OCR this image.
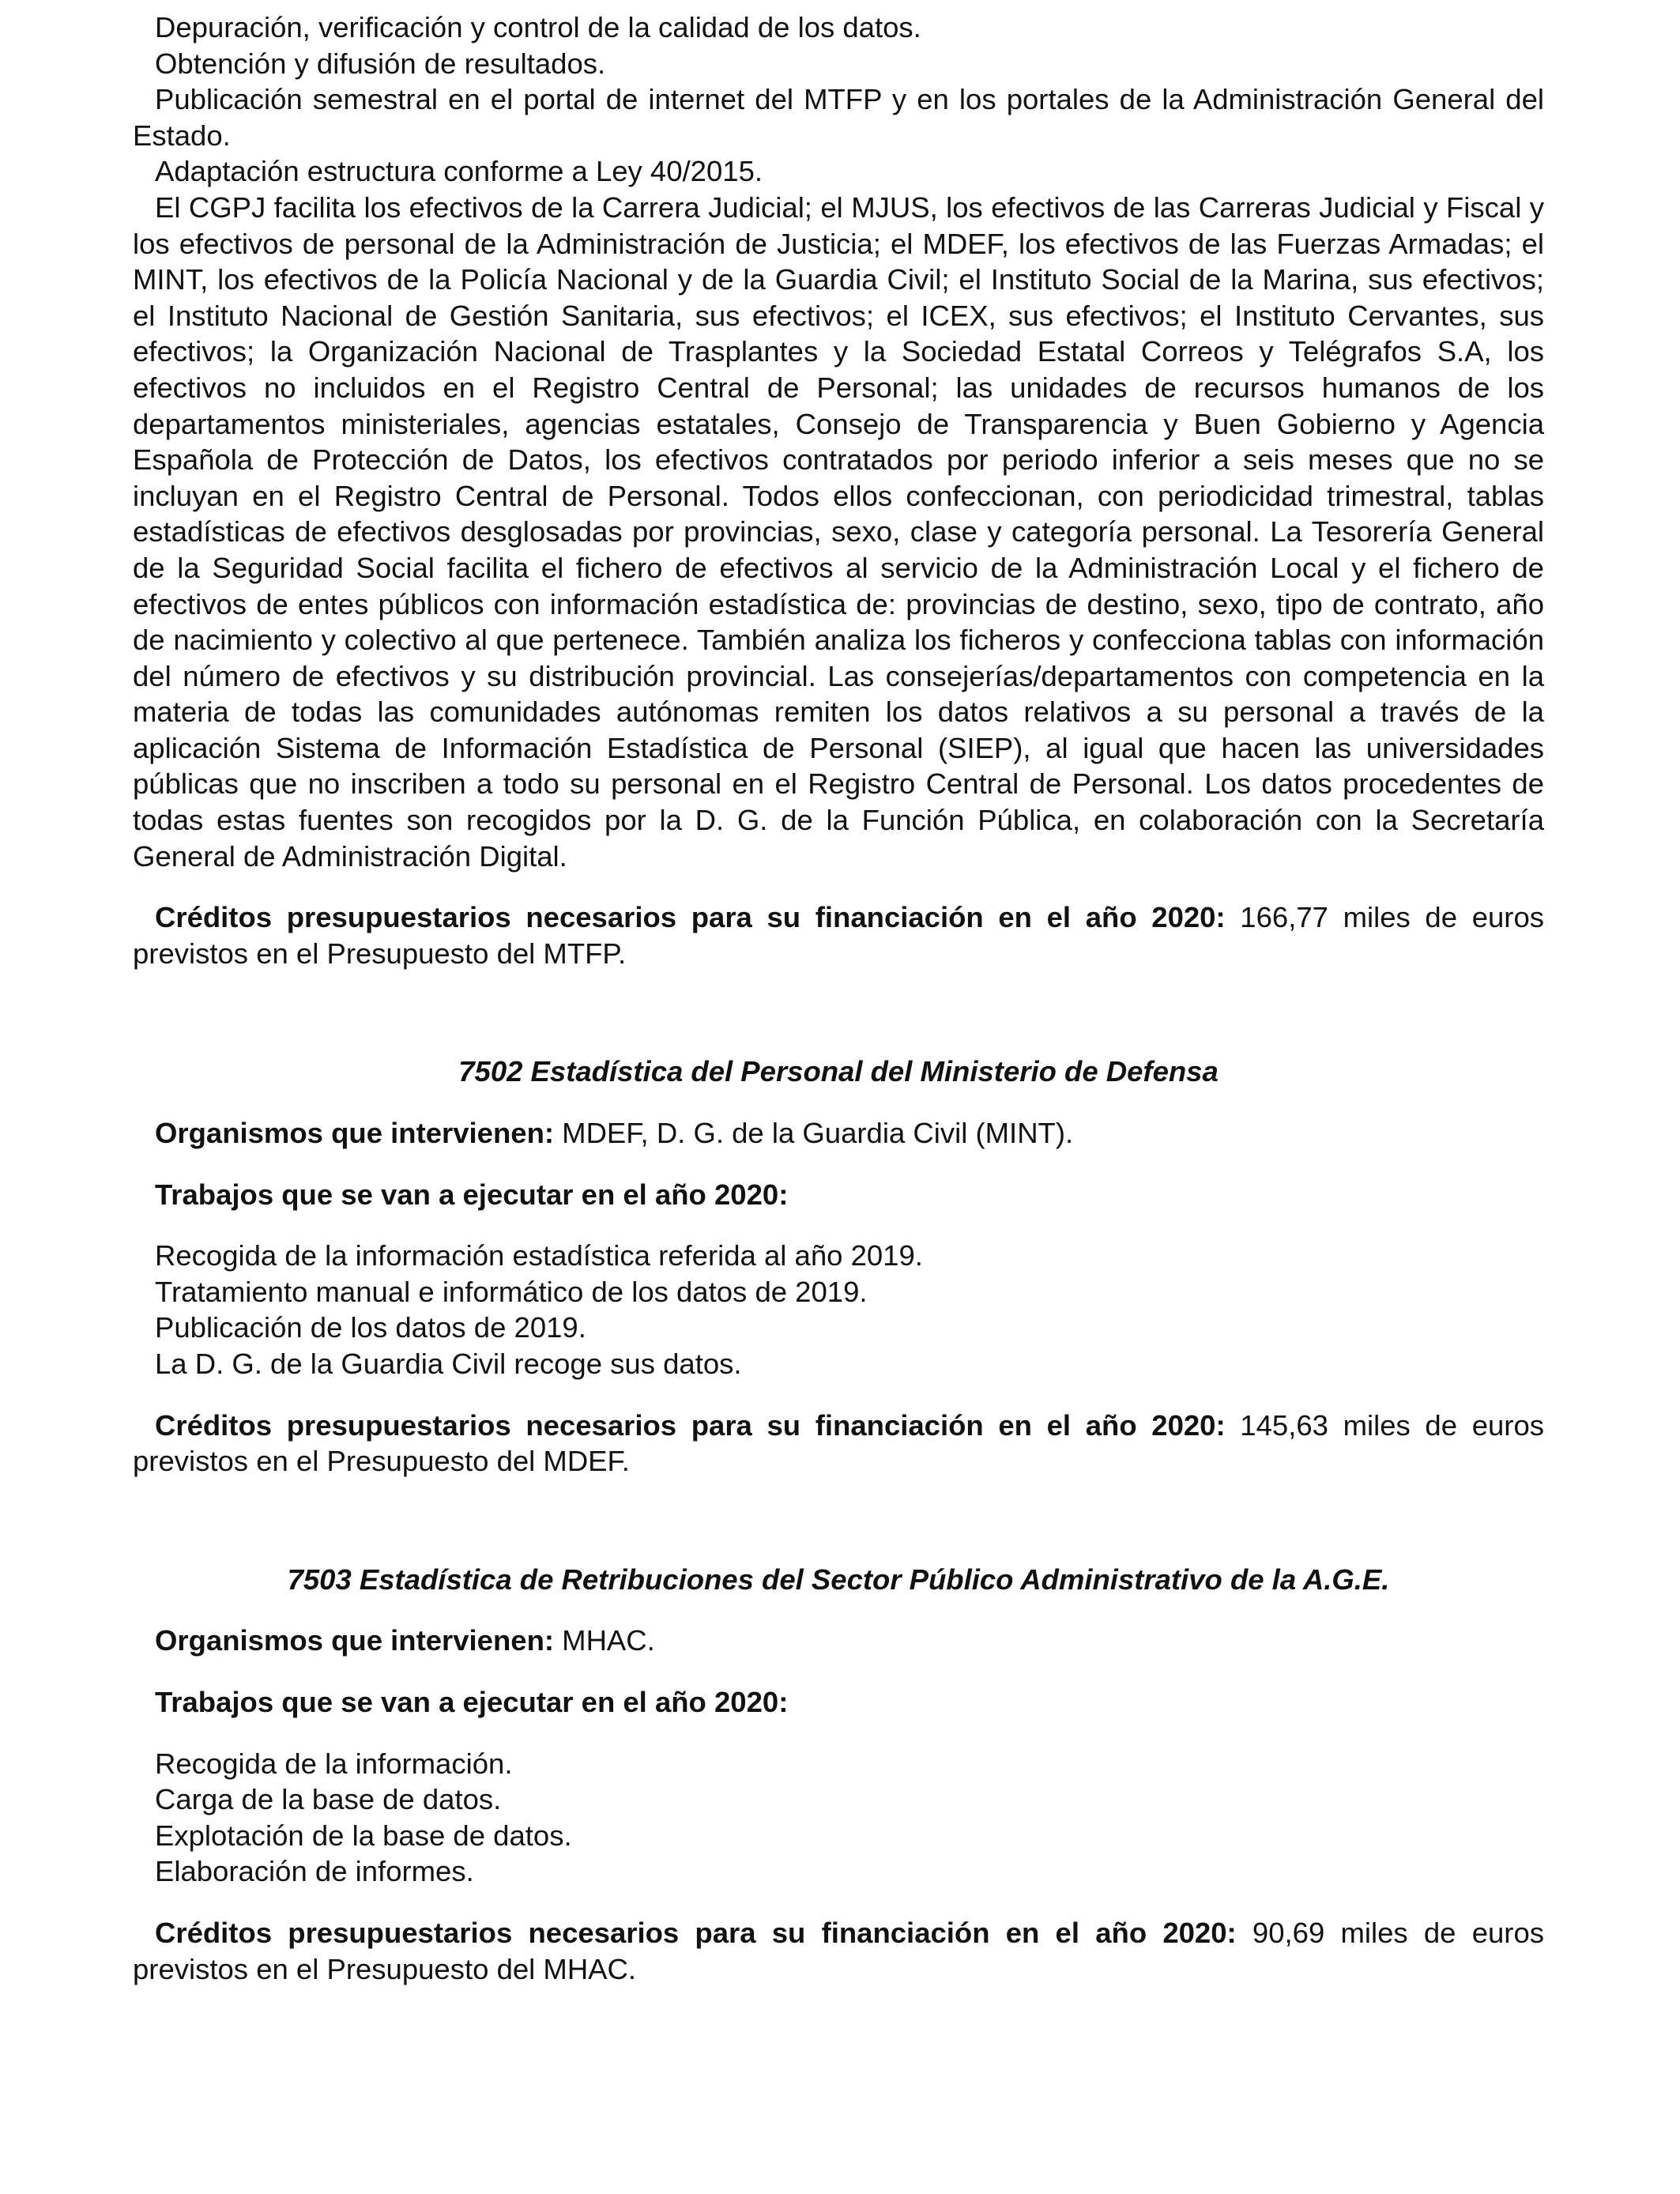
Depuración, verificación y control de la calidad de los datos.

Obtención y difusión de resultados.

Publicación semestral en el portal de internet del MTFP y en los portales de la Administración General del Estado.

Adaptación estructura conforme a Ley 40/2015.

El CGPJ facilita los efectivos de la Carrera Judicial; el MJUS, los efectivos de las Carreras Judicial y Fiscal y los efectivos de personal de la Administración de Justicia; el MDEF, los efectivos de las Fuerzas Armadas; el MINT, los efectivos de la Policía Nacional y de la Guardia Civil; el Instituto Social de la Marina, sus efectivos; el Instituto Nacional de Gestión Sanitaria, sus efectivos; el ICEX, sus efectivos; el Instituto Cervantes, sus efectivos; la Organización Nacional de Trasplantes y la Sociedad Estatal Correos y Telégrafos S.A, los efectivos no incluidos en el Registro Central de Personal; las unidades de recursos humanos de los departamentos ministeriales, agencias estatales, Consejo de Transparencia y Buen Gobierno y Agencia Española de Protección de Datos, los efectivos contratados por periodo inferior a seis meses que no se incluyan en el Registro Central de Personal. Todos ellos confeccionan, con periodicidad trimestral, tablas estadísticas de efectivos desglosadas por provincias, sexo, clase y categoría personal. La Tesorería General de la Seguridad Social facilita el fichero de efectivos al servicio de la Administración Local y el fichero de efectivos de entes públicos con información estadística de: provincias de destino, sexo, tipo de contrato, año de nacimiento y colectivo al que pertenece. También analiza los ficheros y confecciona tablas con información del número de efectivos y su distribución provincial. Las consejerías/departamentos con competencia en la materia de todas las comunidades autónomas remiten los datos relativos a su personal a través de la aplicación Sistema de Información Estadística de Personal (SIEP), al igual que hacen las universidades públicas que no inscriben a todo su personal en el Registro Central de Personal. Los datos procedentes de todas estas fuentes son recogidos por la D. G. de la Función Pública, en colaboración con la Secretaría General de Administración Digital.

Créditos presupuestarios necesarios para su financiación en el año 2020: 166,77 miles de euros previstos en el Presupuesto del MTFP.

7502 Estadística del Personal del Ministerio de Defensa

Organismos que intervienen: MDEF, D. G. de la Guardia Civil (MINT).

Trabajos que se van a ejecutar en el año 2020:

Recogida de la información estadística referida al año 2019.

Tratamiento manual e informático de los datos de 2019.

Publicación de los datos de 2019.

La D. G. de la Guardia Civil recoge sus datos.

Créditos presupuestarios necesarios para su financiación en el año 2020: 145,63 miles de euros previstos en el Presupuesto del MDEF.

7503 Estadística de Retribuciones del Sector Público Administrativo de la A.G.E.

Organismos que intervienen: MHAC.

Trabajos que se van a ejecutar en el año 2020:

Recogida de la información.

Carga de la base de datos.

Explotación de la base de datos.

Elaboración de informes.

Créditos presupuestarios necesarios para su financiación en el año 2020: 90,69 miles de euros previstos en el Presupuesto del MHAC.
